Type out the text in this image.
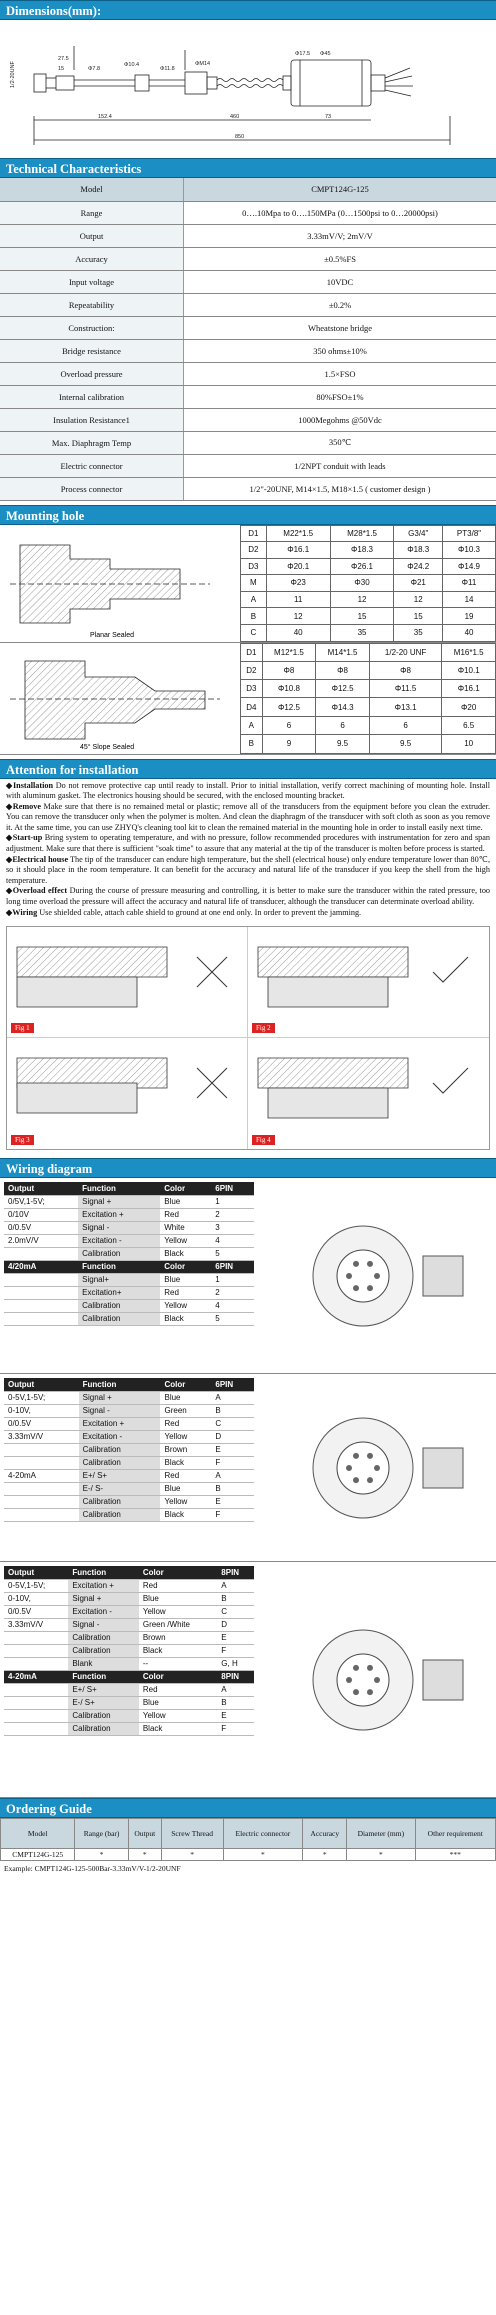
Dimensions(mm):
1/2-20UNF	Φ7.8
Φ10.4
Φ11.8
ΦM14
Φ17.5 Φ45
152.4	460	73
850
27.5
15
Technical Characteristics
Model	CMPT124G-125
Range	0….10Mpa to 0….150MPa (0…1500psi to 0…20000psi)
Output	3.33mV/V; 2mV/V
Accuracy	±0.5%FS
Input voltage	10VDC
Repeatability	±0.2%
Construction:	Wheatstone bridge
Bridge resistance	350 ohms±10%
Overload pressure	1.5×FSO
Internal calibration	80%FSO±1%
Insulation Resistance1	1000Megohms @50Vdc
Max. Diaphragm Temp	350℃
Electric connector	1/2NPT conduit with leads
Process connector	1/2"-20UNF, M14×1.5, M18×1.5 ( customer design )
Mounting hole
Planar Sealed
D1	M22*1.5	M28*1.5	G3/4"	PT3/8"
D2	Φ16.1	Φ18.3	Φ18.3	Φ10.3
D3	Φ20.1	Φ26.1	Φ24.2	Φ14.9
M	Φ23	Φ30	Φ21	Φ11
A	11	12	12	14
B	12	15	15	19
C	40	35	35	40
45° Slope Sealed
D1	M12*1.5	M14*1.5	1/2-20 UNF	M16*1.5
D2	Φ8	Φ8	Φ8	Φ10.1
D3	Φ10.8	Φ12.5	Φ11.5	Φ16.1
D4	Φ12.5	Φ14.3	Φ13.1	Φ20
A	6	6	6	6.5
B	9	9.5	9.5	10
Attention for installation

◆Installation Do not remove protective cap until ready to install. Prior to initial installation, verify correct machining of mounting hole. Install with aluminum gasket. The electronics housing should be secured, with the enclosed mounting bracket.

◆Remove Make sure that there is no remained metal or plastic; remove all of the transducers from the equipment before you clean the extruder. You can remove the transducer only when the polymer is molten. And clean the diaphragm of the transducer with soft cloth as soon as you remove it. At the same time, you can use ZHYQ's cleaning tool kit to clean the remained material in the mounting hole in order to install easily next time.

◆Start-up Bring system to operating temperature, and with no pressure, follow recommended procedures with instrumentation for zero and span adjustment. Make sure that there is sufficient "soak time" to assure that any material at the tip of the transducer is molten before process is started.

◆Electrical house The tip of the transducer can endure high temperature, but the shell (electrical house) only endure temperature lower than 80℃, so it should place in the room temperature. It can benefit for the accuracy and natural life of the transducer if you keep the shell from the high temperature.

◆Overload effect During the course of pressure measuring and controlling, it is better to make sure the transducer within the rated pressure, too long time overload the pressure will affect the accuracy and natural life of transducer, although the transducer can determinate overload ability.

◆Wiring Use shielded cable, attach cable shield to ground at one end only. In order to prevent the jamming.

Fig 1	Fig 2
Fig 3	Fig 4
Wiring diagram
Output	Function	Color	6PIN
0/5V,1-5V;	Signal +	Blue	1
0/10V	Excitation +	Red	2
0/0.5V	Signal -	White	3
2.0mV/V	Excitation -	Yellow	4
	Calibration	Black	5
4/20mA	Function	Color	6PIN
	Signal+	Blue	1
	Excitation+	Red	2
	Calibration	Yellow	4
	Calibration	Black	5
Output	Function	Color	6PIN
0-5V,1-5V;	Signal +	Blue	A
0-10V,	Signal -	Green	B
0/0.5V	Excitation +	Red	C
3.33mV/V	Excitation -	Yellow	D
	Calibration	Brown	E
	Calibration	Black	F
4-20mA	E+/ S+	Red	A
	E-/ S-	Blue	B
	Calibration	Yellow	E
	Calibration	Black	F
Output	Function	Color	8PIN
0-5V,1-5V;	Excitation +	Red	A
0-10V,	Signal +	Blue	B
0/0.5V	Excitation -	Yellow	C
3.33mV/V	Signal -	Green /White	D
	Calibration	Brown	E
	Calibration	Black	F
	Blank	--	G, H
4-20mA	Function	Color	8PIN
	E+/ S+	Red	A
	E-/ S+	Blue	B
	Calibration	Yellow	E
	Calibration	Black	F
Ordering Guide
Model	Range (bar)	Output	Screw Thread	Electric connector	Accuracy	Diameter (mm)	Other requirement
CMPT124G-125	*	*	*	*	*	*	***
Example: CMPT124G-125-500Bar-3.33mV/V-1/2-20UNF
